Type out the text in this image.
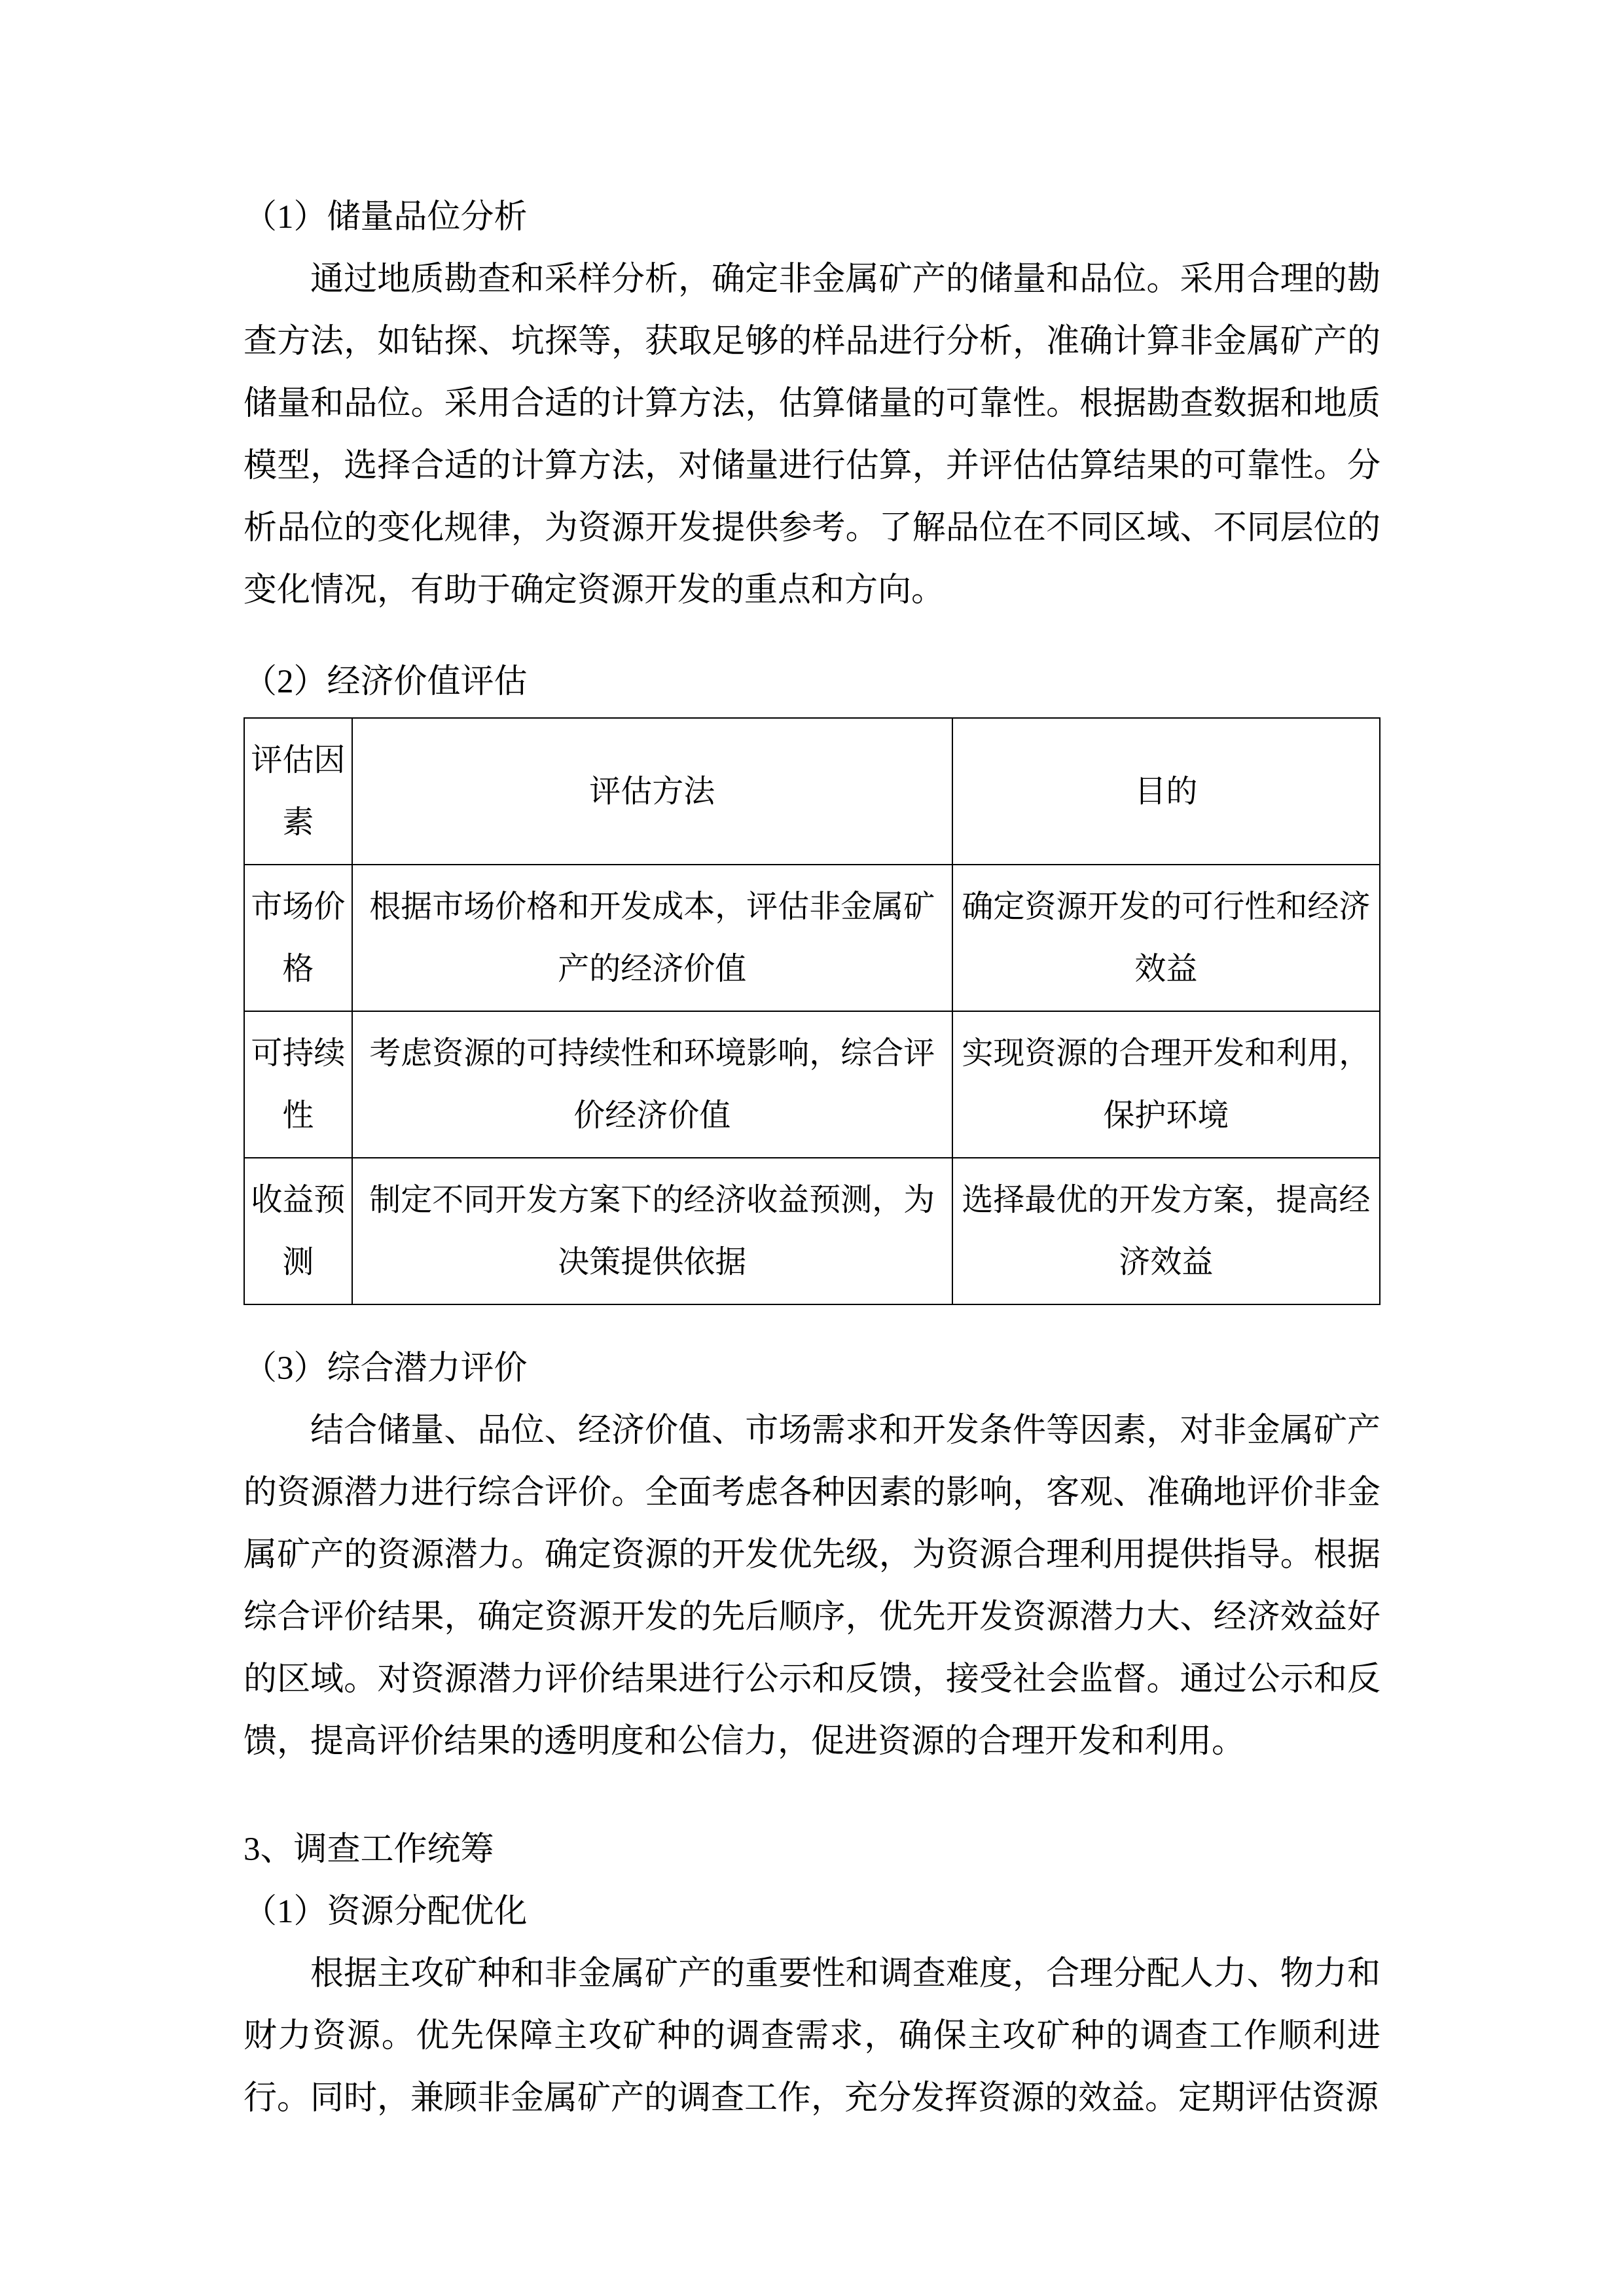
（1）储量品位分析

通过地质勘查和采样分析，确定非金属矿产的储量和品位。采用合理的勘查方法，如钻探、坑探等，获取足够的样品进行分析，准确计算非金属矿产的储量和品位。采用合适的计算方法，估算储量的可靠性。根据勘查数据和地质模型，选择合适的计算方法，对储量进行估算，并评估估算结果的可靠性。分析品位的变化规律，为资源开发提供参考。了解品位在不同区域、不同层位的变化情况，有助于确定资源开发的重点和方向。

（2）经济价值评估

评估因素	评估方法	目的
市场价格	根据市场价格和开发成本，评估非金属矿产的经济价值	确定资源开发的可行性和经济效益
可持续性	考虑资源的可持续性和环境影响，综合评价经济价值	实现资源的合理开发和利用，保护环境
收益预测	制定不同开发方案下的经济收益预测，为决策提供依据	选择最优的开发方案，提高经济效益

（3）综合潜力评价

结合储量、品位、经济价值、市场需求和开发条件等因素，对非金属矿产的资源潜力进行综合评价。全面考虑各种因素的影响，客观、准确地评价非金属矿产的资源潜力。确定资源的开发优先级，为资源合理利用提供指导。根据综合评价结果，确定资源开发的先后顺序，优先开发资源潜力大、经济效益好的区域。对资源潜力评价结果进行公示和反馈，接受社会监督。通过公示和反馈，提高评价结果的透明度和公信力，促进资源的合理开发和利用。

3、调查工作统筹

（1）资源分配优化

根据主攻矿种和非金属矿产的重要性和调查难度，合理分配人力、物力和财力资源。优先保障主攻矿种的调查需求，确保主攻矿种的调查工作顺利进行。同时，兼顾非金属矿产的调查工作，充分发挥资源的效益。定期评估资源
